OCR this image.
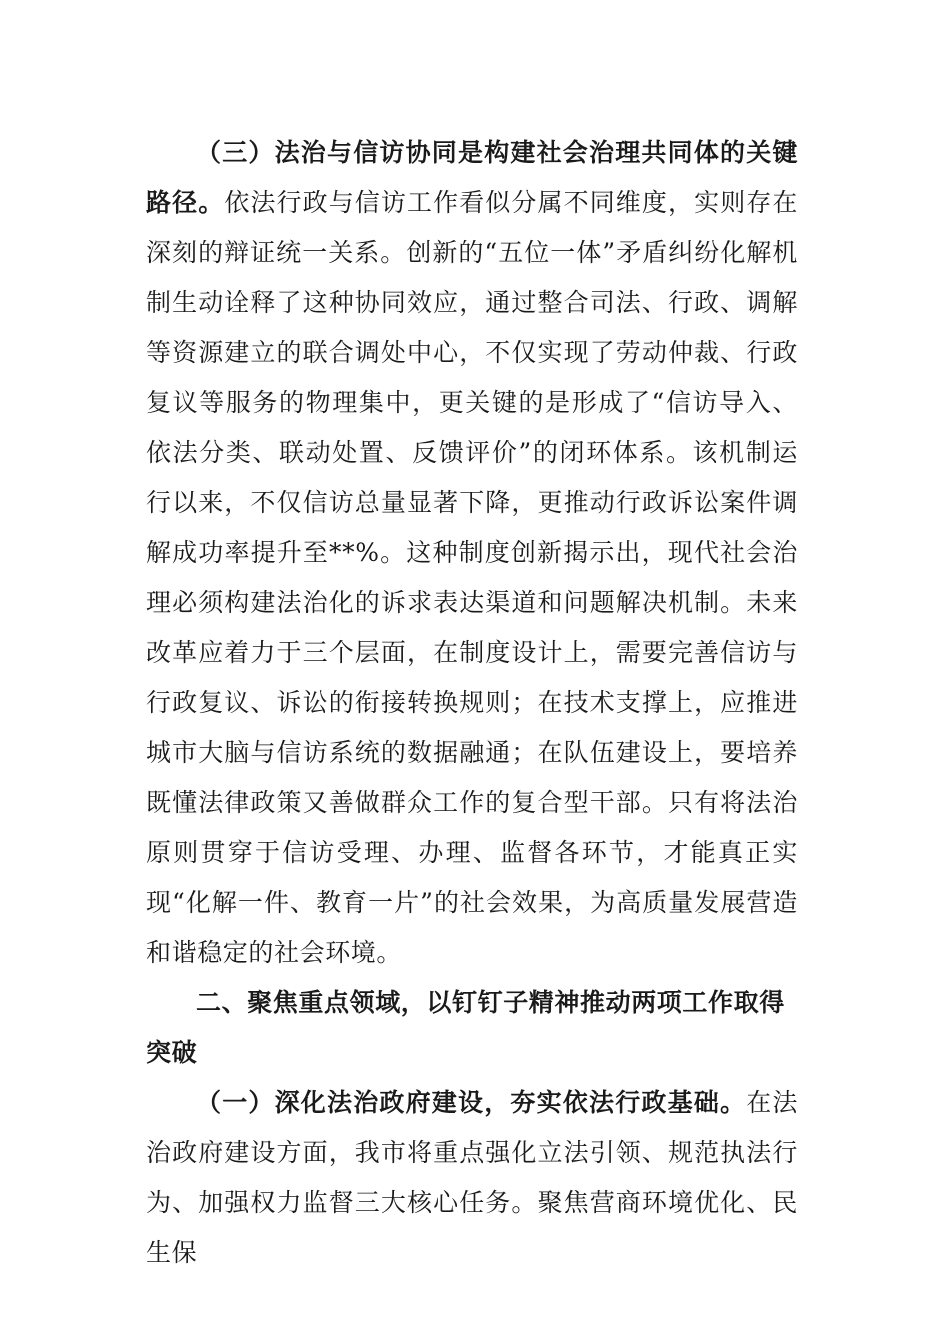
（三）法治与信访协同是构建社会治理共同体的关键路径。依法行政与信访工作看似分属不同维度，实则存在深刻的辩证统一关系。创新的“五位一体”矛盾纠纷化解机制生动诠释了这种协同效应，通过整合司法、行政、调解等资源建立的联合调处中心，不仅实现了劳动仲裁、行政复议等服务的物理集中，更关键的是形成了“信访导入、依法分类、联动处置、反馈评价”的闭环体系。该机制运行以来，不仅信访总量显著下降，更推动行政诉讼案件调解成功率提升至**%。这种制度创新揭示出，现代社会治理必须构建法治化的诉求表达渠道和问题解决机制。未来改革应着力于三个层面，在制度设计上，需要完善信访与行政复议、诉讼的衔接转换规则；在技术支撑上，应推进城市大脑与信访系统的数据融通；在队伍建设上，要培养既懂法律政策又善做群众工作的复合型干部。只有将法治原则贯穿于信访受理、办理、监督各环节，才能真正实现“化解一件、教育一片”的社会效果，为高质量发展营造和谐稳定的社会环境。

二、聚焦重点领域，以钉钉子精神推动两项工作取得突破

（一）深化法治政府建设，夯实依法行政基础。在法治政府建设方面，我市将重点强化立法引领、规范执法行为、加强权力监督三大核心任务。聚焦营商环境优化、民生保
